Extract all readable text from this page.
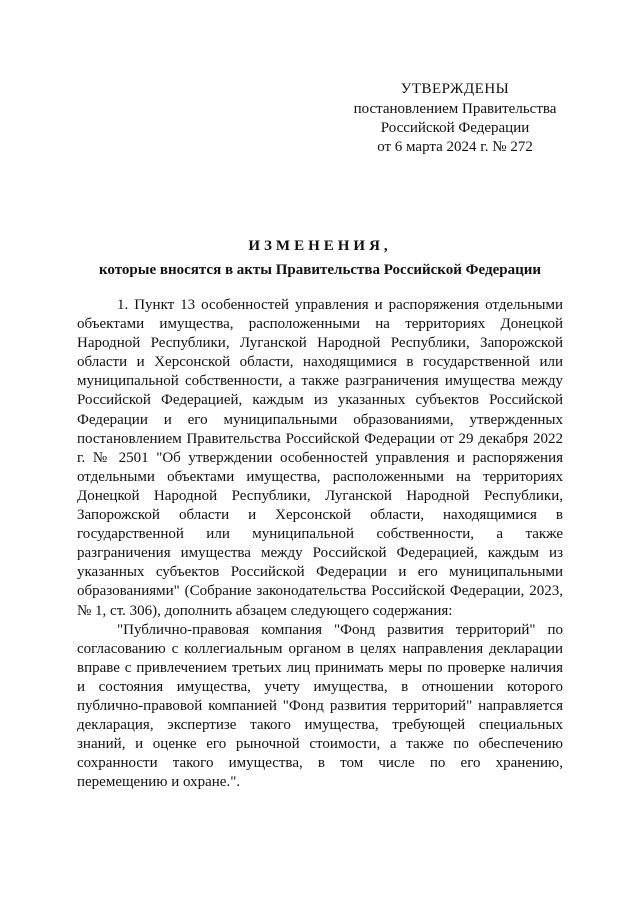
УТВЕРЖДЕНЫ
постановлением Правительства
Российской Федерации
от 6 марта 2024 г. № 272
ИЗМЕНЕНИЯ,
которые вносятся в акты Правительства Российской Федерации

1. Пункт 13 особенностей управления и распоряжения отдельными объектами имущества, расположенными на территориях Донецкой Народной Республики, Луганской Народной Республики, Запорожской области и Херсонской области, находящимися в государственной или муниципальной собственности, а также разграничения имущества между Российской Федерацией, каждым из указанных субъектов Российской Федерации и его муниципальными образованиями, утвержденных постановлением Правительства Российской Федерации от 29 декабря 2022 г. № 2501 "Об утверждении особенностей управления и распоряжения отдельными объектами имущества, расположенными на территориях Донецкой Народной Республики, Луганской Народной Республики, Запорожской области и Херсонской области, находящимися в государственной или муниципальной собственности, а также разграничения имущества между Российской Федерацией, каждым из указанных субъектов Российской Федерации и его муниципальными образованиями" (Собрание законодательства Российской Федерации, 2023, № 1, ст. 306), дополнить абзацем следующего содержания:

"Публично-правовая компания "Фонд развития территорий" по согласованию с коллегиальным органом в целях направления декларации вправе с привлечением третьих лиц принимать меры по проверке наличия и состояния имущества, учету имущества, в отношении которого публично-правовой компанией "Фонд развития территорий" направляется декларация, экспертизе такого имущества, требующей специальных знаний, и оценке его рыночной стоимости, а также по обеспечению сохранности такого имущества, в том числе по его хранению, перемещению и охране.".
